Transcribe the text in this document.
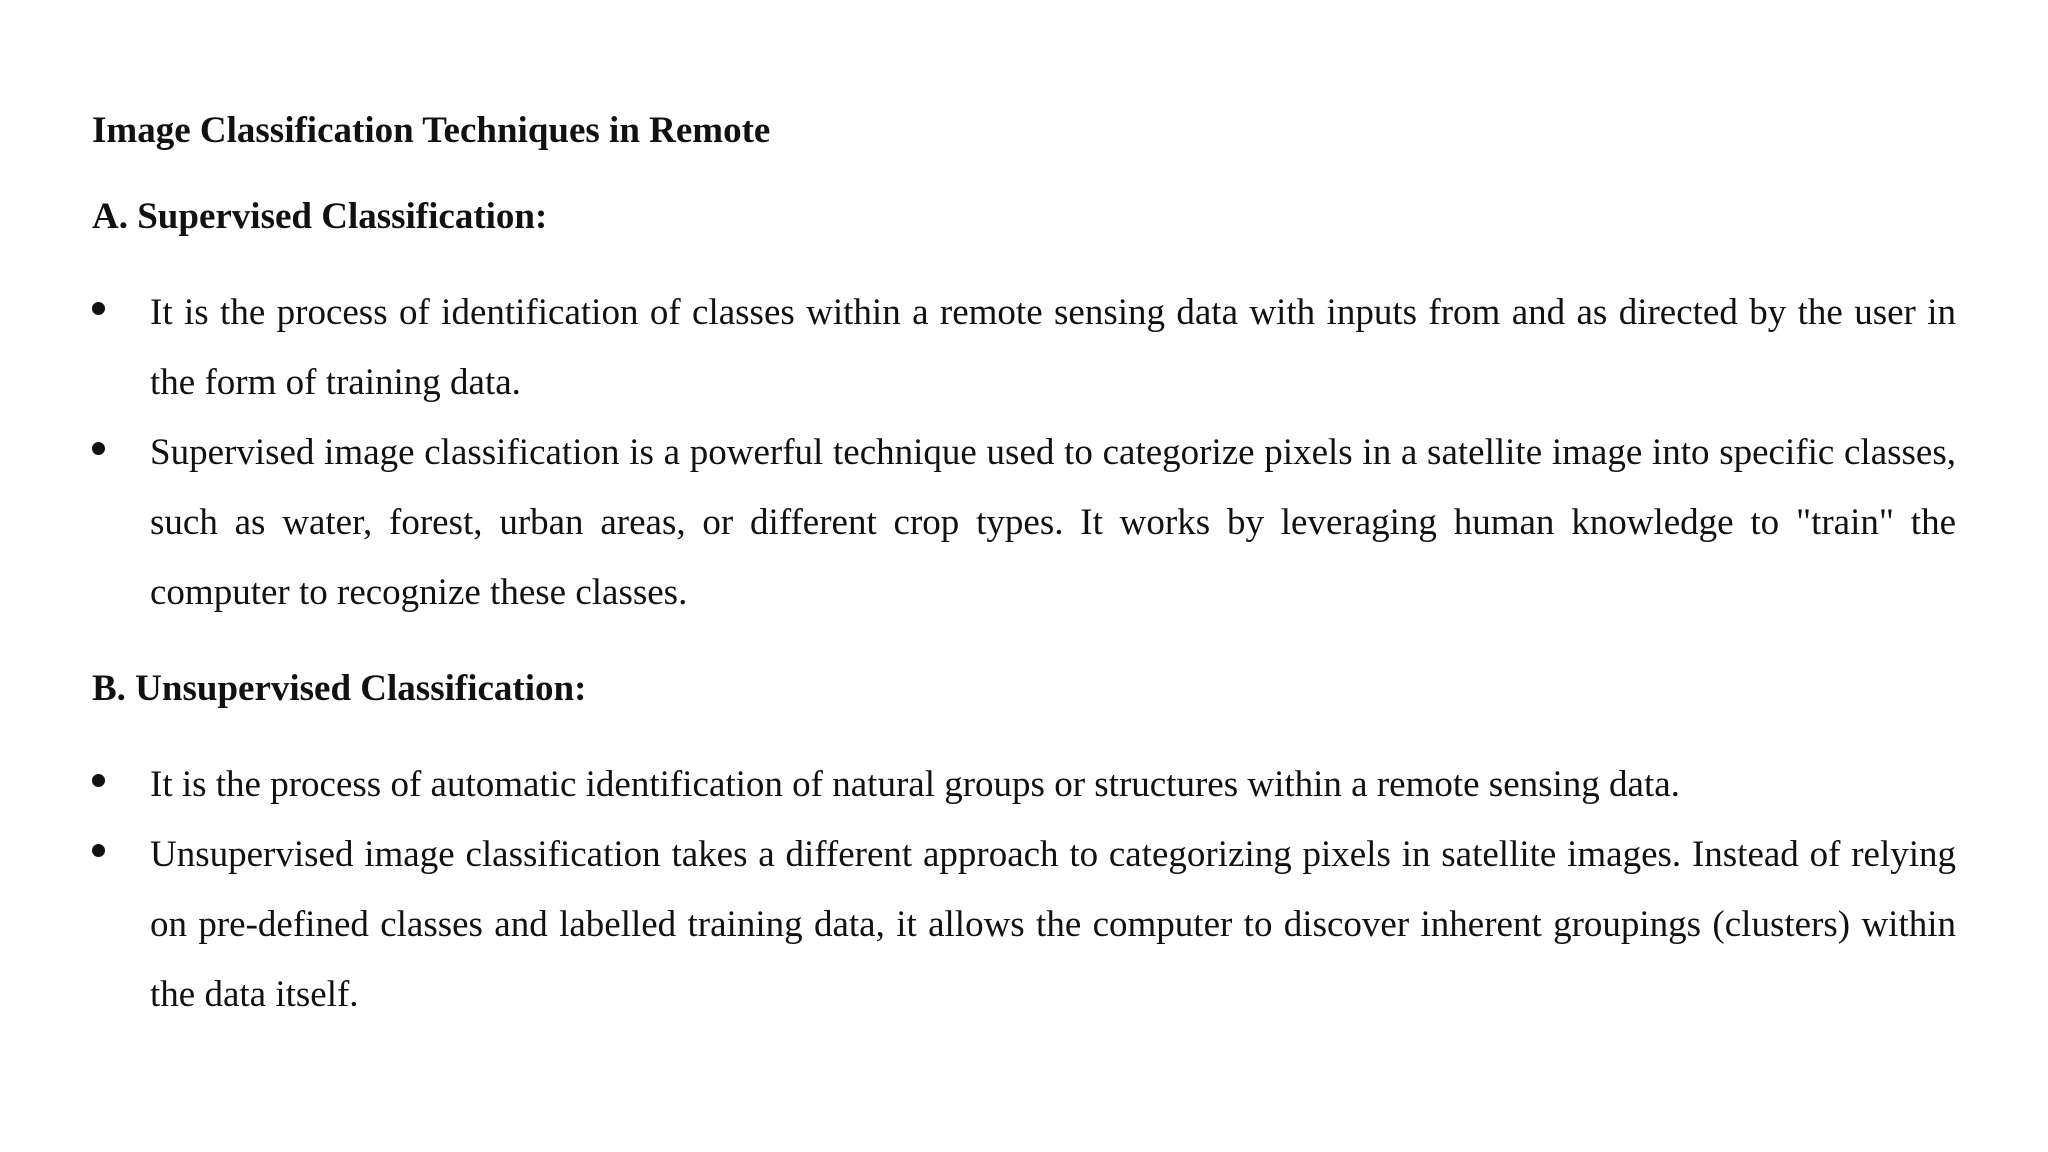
Image Classification Techniques in Remote
A. Supervised Classification:
It is the process of identification of classes within a remote sensing data with inputs from and as directed by the user in the form of training data.
Supervised image classification is a powerful technique used to categorize pixels in a satellite image into specific classes, such as water, forest, urban areas, or different crop types. It works by leveraging human knowledge to "train" the computer to recognize these classes.
B. Unsupervised Classification:
It is the process of automatic identification of natural groups or structures within a remote sensing data.
Unsupervised image classification takes a different approach to categorizing pixels in satellite images. Instead of relying on pre-defined classes and labelled training data, it allows the computer to discover inherent groupings (clusters) within the data itself.
